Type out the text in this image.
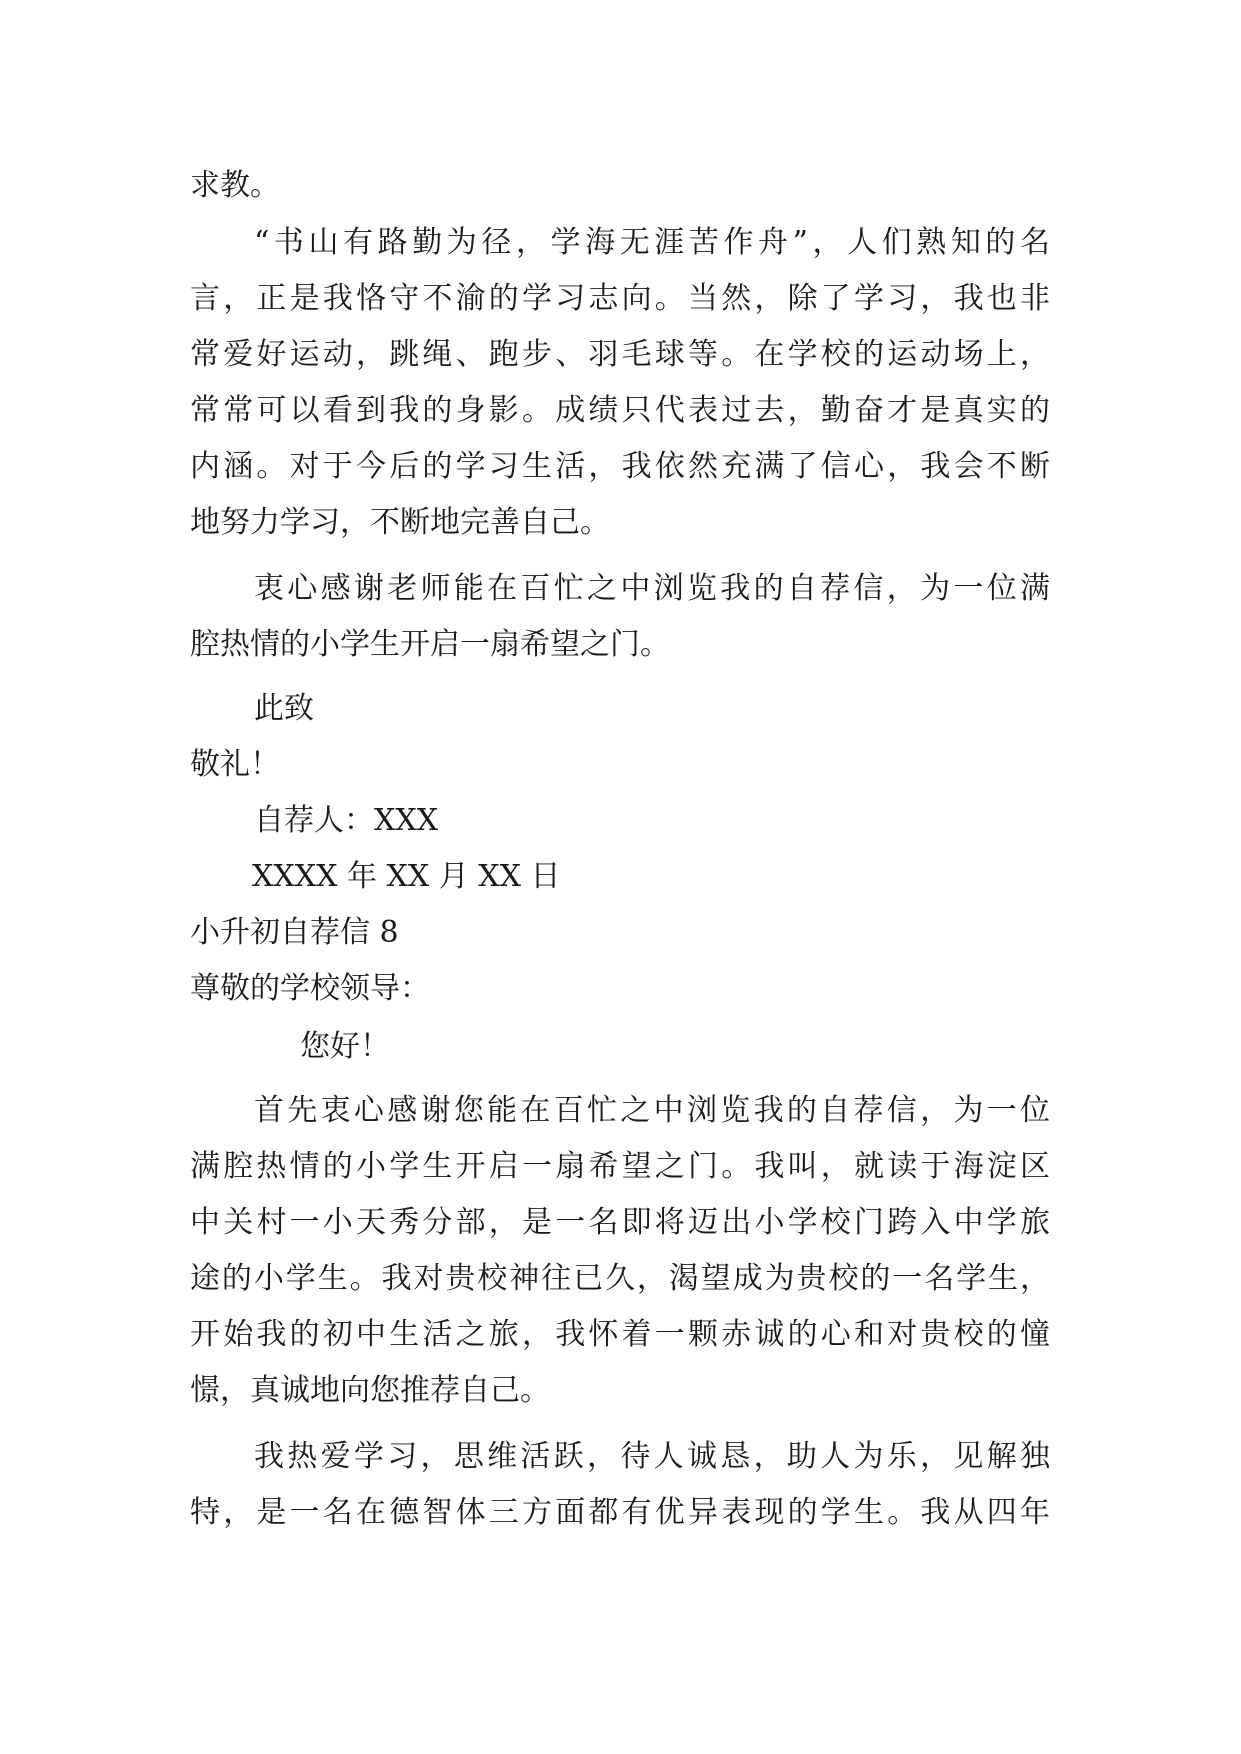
求教。
“书山有路勤为径，学海无涯苦作舟”，人们熟知的名
言，正是我恪守不渝的学习志向。当然，除了学习，我也非
常爱好运动，跳绳、跑步、羽毛球等。在学校的运动场上，
常常可以看到我的身影。成绩只代表过去，勤奋才是真实的
内涵。对于今后的学习生活，我依然充满了信心，我会不断
地努力学习，不断地完善自己。
衷心感谢老师能在百忙之中浏览我的自荐信，为一位满
腔热情的小学生开启一扇希望之门。
此致
敬礼！
自荐人：XXX
XXXX 年 XX 月 XX 日
小升初自荐信 8
尊敬的学校领导：
您好！
首先衷心感谢您能在百忙之中浏览我的自荐信，为一位
满腔热情的小学生开启一扇希望之门。我叫，就读于海淀区
中关村一小天秀分部，是一名即将迈出小学校门跨入中学旅
途的小学生。我对贵校神往已久，渴望成为贵校的一名学生，
开始我的初中生活之旅，我怀着一颗赤诚的心和对贵校的憧
憬，真诚地向您推荐自己。
我热爱学习，思维活跃，待人诚恳，助人为乐，见解独
特，是一名在德智体三方面都有优异表现的学生。我从四年
